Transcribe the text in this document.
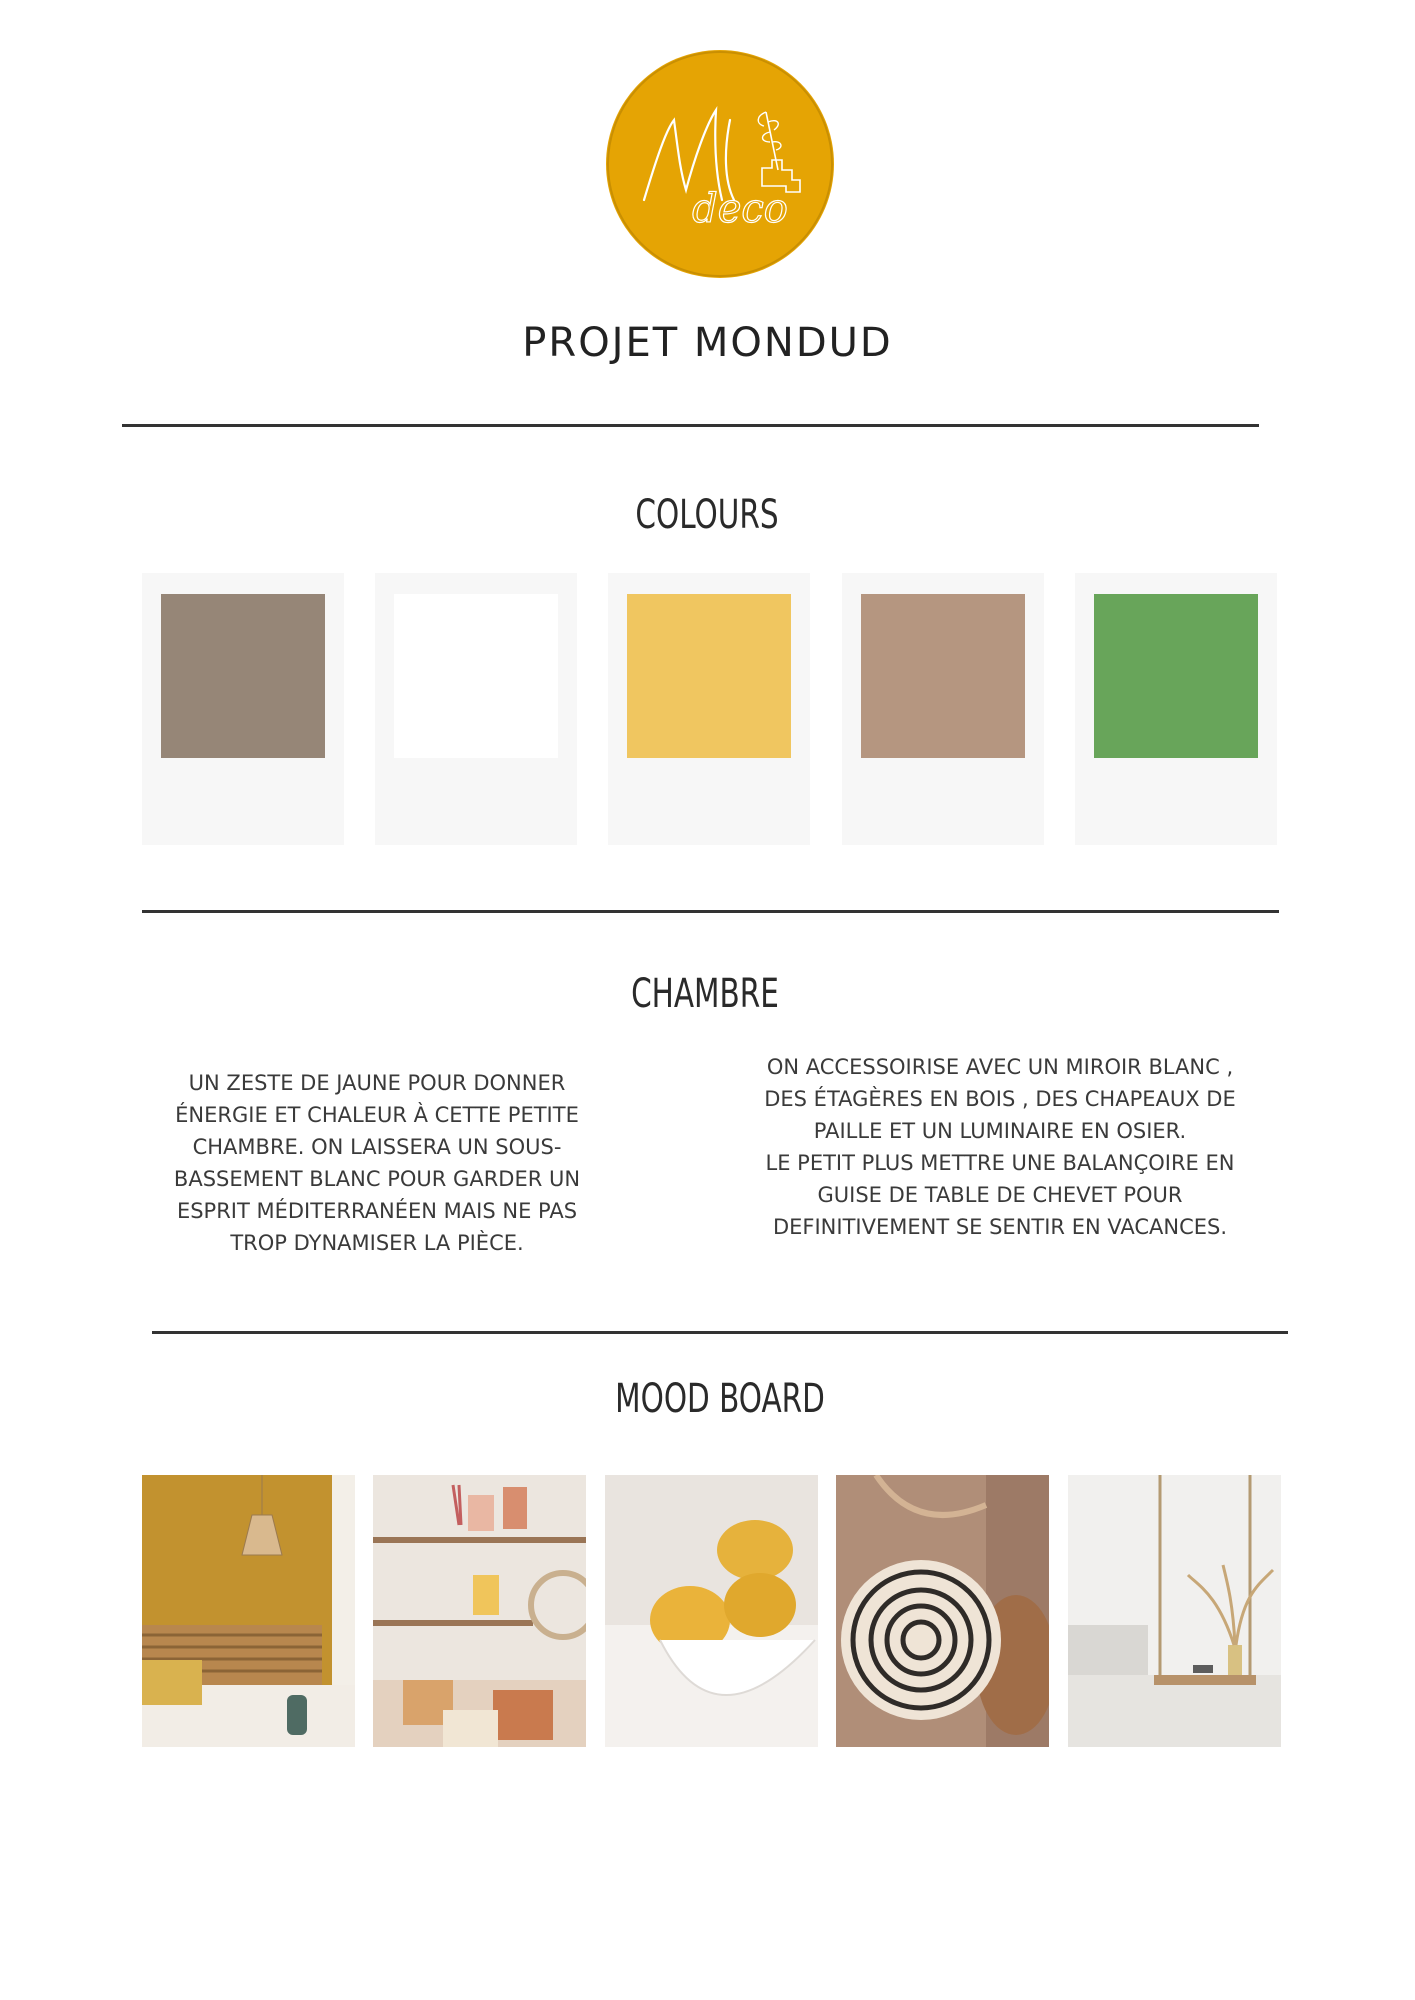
deco
PROJET MONDUD
COLOURS
CHAMBRE
UN ZESTE DE JAUNE POUR DONNER
ÉNERGIE ET CHALEUR À CETTE PETITE
CHAMBRE. ON LAISSERA UN SOUS-
BASSEMENT BLANC POUR GARDER UN
ESPRIT MÉDITERRANÉEN MAIS NE PAS
TROP DYNAMISER LA PIÈCE.
ON ACCESSOIRISE AVEC UN MIROIR BLANC ,
DES ÉTAGÈRES EN BOIS , DES CHAPEAUX DE
PAILLE ET UN LUMINAIRE EN OSIER.
LE PETIT PLUS METTRE UNE BALANÇOIRE EN
GUISE DE TABLE DE CHEVET POUR
DEFINITIVEMENT SE SENTIR EN VACANCES.
MOOD BOARD
